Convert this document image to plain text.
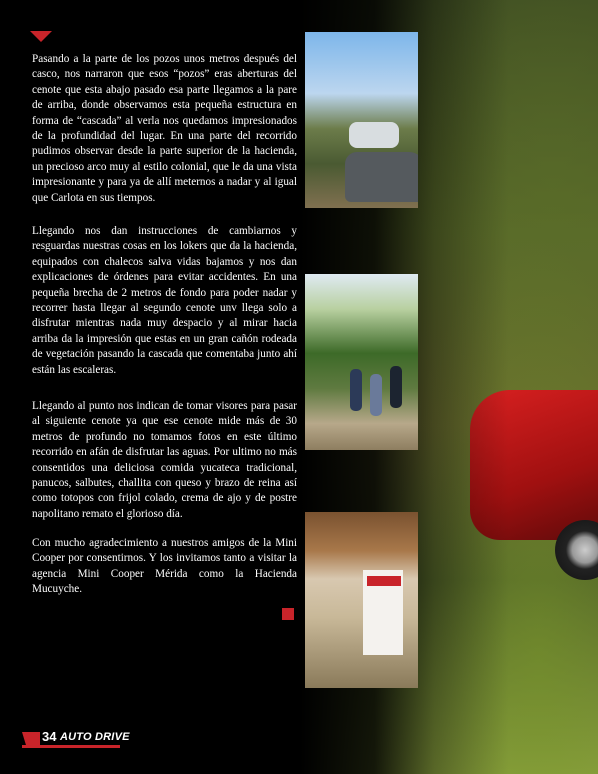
Pasando a la parte de los pozos unos metros después del casco, nos narraron que esos “pozos” eras aberturas del cenote que esta abajo pasado esa parte llegamos a la pare de arriba, donde observamos esta pequeña estructura en forma de “cascada” al verla nos quedamos impresionados de la profundidad del lugar. En una parte del recorrido pudimos observar desde la parte superior de la hacienda, un precioso arco muy al estilo colonial, que le da una vista impresionante y para ya de allí meternos a nadar y al igual que Carlota en sus tiempos.

Llegando nos dan instrucciones de cambiarnos y resguardas nuestras cosas en los lokers que da la hacienda, equipados con chalecos salva vidas bajamos y nos dan explicaciones de órdenes para evitar accidentes. En una pequeña brecha de 2 metros de fondo para poder nadar y recorrer hasta llegar al segundo cenote unv llega solo a disfrutar mientras nada muy despacio y al mirar hacia arriba da la impresión que estas en un gran cañón rodeada de vegetación pasando la cascada que comentaba junto ahí están las escaleras.

Llegando al punto nos indican de tomar visores para pasar al siguiente cenote ya que ese cenote mide más de 30 metros de profundo no tomamos fotos en este último recorrido en afán de disfrutar las aguas. Por ultimo no más consentidos una deliciosa comida yucateca tradicional, panucos, salbutes, challita con queso y brazo de reina así como totopos con frijol colado, crema de ajo y de postre napolitano remato el glorioso día.

Con mucho agradecimiento a nuestros amigos de la Mini Cooper por consentirnos. Y los invitamos tanto a visitar la agencia Mini Cooper Mérida como la Hacienda Mucuyche.

34 AUTO DRIVE
